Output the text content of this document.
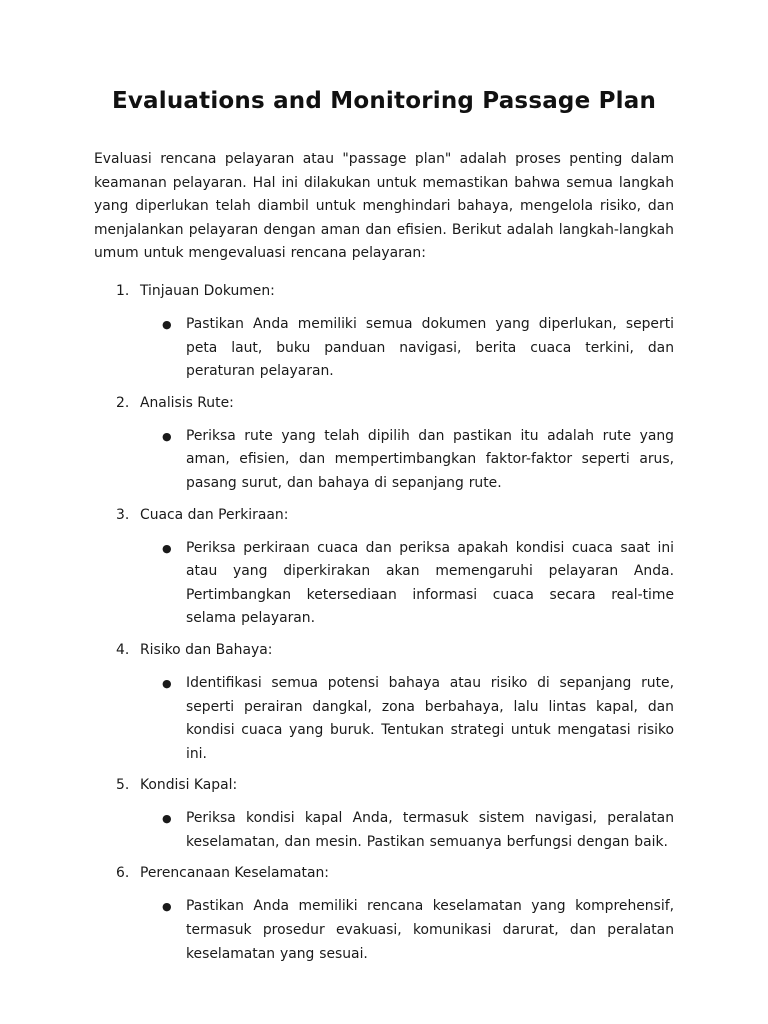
Evaluations and Monitoring Passage Plan

Evaluasi rencana pelayaran atau "passage plan" adalah proses penting dalam keamanan pelayaran. Hal ini dilakukan untuk memastikan bahwa semua langkah yang diperlukan telah diambil untuk menghindari bahaya, mengelola risiko, dan menjalankan pelayaran dengan aman dan efisien. Berikut adalah langkah-langkah umum untuk mengevaluasi rencana pelayaran:

1. Tinjauan Dokumen:
●	Pastikan Anda memiliki semua dokumen yang diperlukan, seperti peta laut, buku panduan navigasi, berita cuaca terkini, dan peraturan pelayaran.
2. Analisis Rute:
●	Periksa rute yang telah dipilih dan pastikan itu adalah rute yang aman, efisien, dan mempertimbangkan faktor-faktor seperti arus, pasang surut, dan bahaya di sepanjang rute.
3. Cuaca dan Perkiraan:
●	Periksa perkiraan cuaca dan periksa apakah kondisi cuaca saat ini atau yang diperkirakan akan memengaruhi pelayaran Anda. Pertimbangkan ketersediaan informasi cuaca secara real-time selama pelayaran.
4. Risiko dan Bahaya:
●	Identifikasi semua potensi bahaya atau risiko di sepanjang rute, seperti perairan dangkal, zona berbahaya, lalu lintas kapal, dan kondisi cuaca yang buruk. Tentukan strategi untuk mengatasi risiko ini.
5. Kondisi Kapal:
●	Periksa kondisi kapal Anda, termasuk sistem navigasi, peralatan keselamatan, dan mesin. Pastikan semuanya berfungsi dengan baik.
6. Perencanaan Keselamatan:
●	Pastikan Anda memiliki rencana keselamatan yang komprehensif, termasuk prosedur evakuasi, komunikasi darurat, dan peralatan keselamatan yang sesuai.
